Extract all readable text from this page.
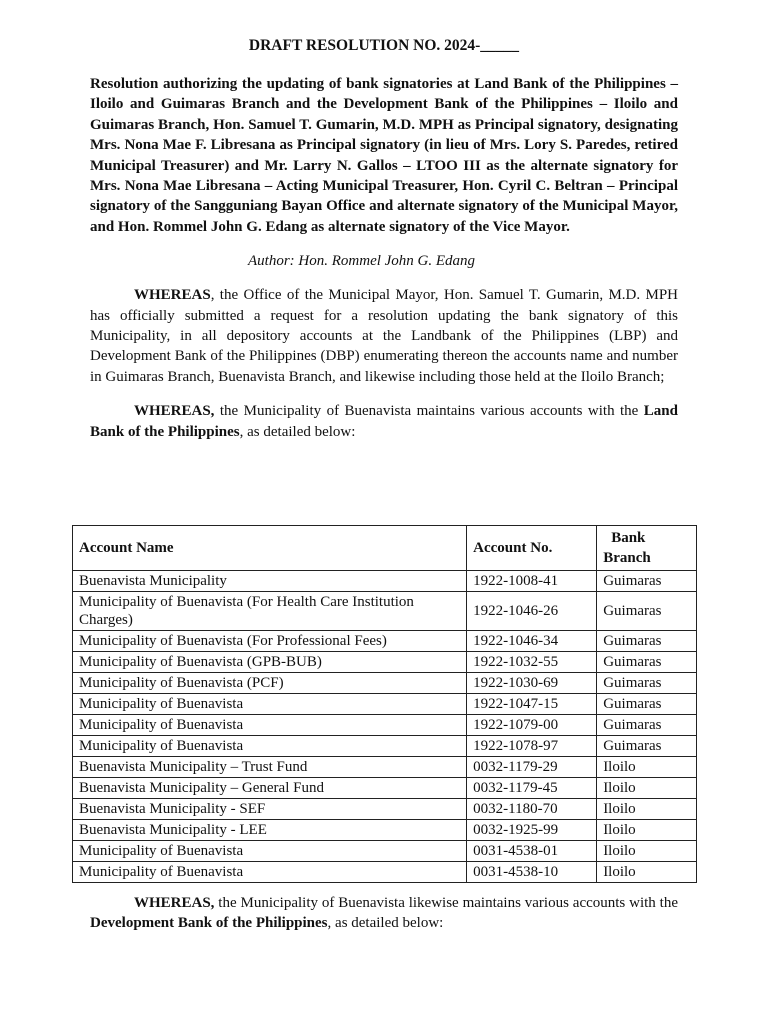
DRAFT RESOLUTION NO. 2024-_____

Resolution authorizing the updating of bank signatories at Land Bank of the Philippines – Iloilo and Guimaras Branch and the Development Bank of the Philippines – Iloilo and Guimaras Branch, Hon. Samuel T. Gumarin, M.D. MPH as Principal signatory, designating Mrs. Nona Mae F. Libresana as Principal signatory (in lieu of Mrs. Lory S. Paredes, retired Municipal Treasurer) and Mr. Larry N. Gallos – LTOO III as the alternate signatory for Mrs. Nona Mae Libresana – Acting Municipal Treasurer, Hon. Cyril C. Beltran – Principal signatory of the Sangguniang Bayan Office and alternate signatory of the Municipal Mayor, and Hon. Rommel John G. Edang as alternate signatory of the Vice Mayor.

Author: Hon. Rommel John G. Edang

WHEREAS, the Office of the Municipal Mayor, Hon. Samuel T. Gumarin, M.D. MPH has officially submitted a request for a resolution updating the bank signatory of this Municipality, in all depository accounts at the Landbank of the Philippines (LBP) and Development Bank of the Philippines (DBP) enumerating thereon the accounts name and number in Guimaras Branch, Buenavista Branch, and likewise including those held at the Iloilo Branch;

WHEREAS, the Municipality of Buenavista maintains various accounts with the Land Bank of the Philippines, as detailed below:

Account Name	Account No.	Bank
Branch

Buenavista Municipality	1922-1008-41	Guimaras
Municipality of Buenavista (For Health Care Institution Charges)	1922-1046-26	Guimaras
Municipality of Buenavista (For Professional Fees)	1922-1046-34	Guimaras
Municipality of Buenavista (GPB-BUB)	1922-1032-55	Guimaras
Municipality of Buenavista (PCF)	1922-1030-69	Guimaras
Municipality of Buenavista	1922-1047-15	Guimaras
Municipality of Buenavista	1922-1079-00	Guimaras
Municipality of Buenavista	1922-1078-97	Guimaras
Buenavista Municipality – Trust Fund	0032-1179-29	Iloilo
Buenavista Municipality – General Fund	0032-1179-45	Iloilo
Buenavista Municipality - SEF	0032-1180-70	Iloilo
Buenavista Municipality - LEE	0032-1925-99	Iloilo
Municipality of Buenavista	0031-4538-01	Iloilo
Municipality of Buenavista	0031-4538-10	Iloilo

WHEREAS, the Municipality of Buenavista likewise maintains various accounts with the Development Bank of the Philippines, as detailed below:
